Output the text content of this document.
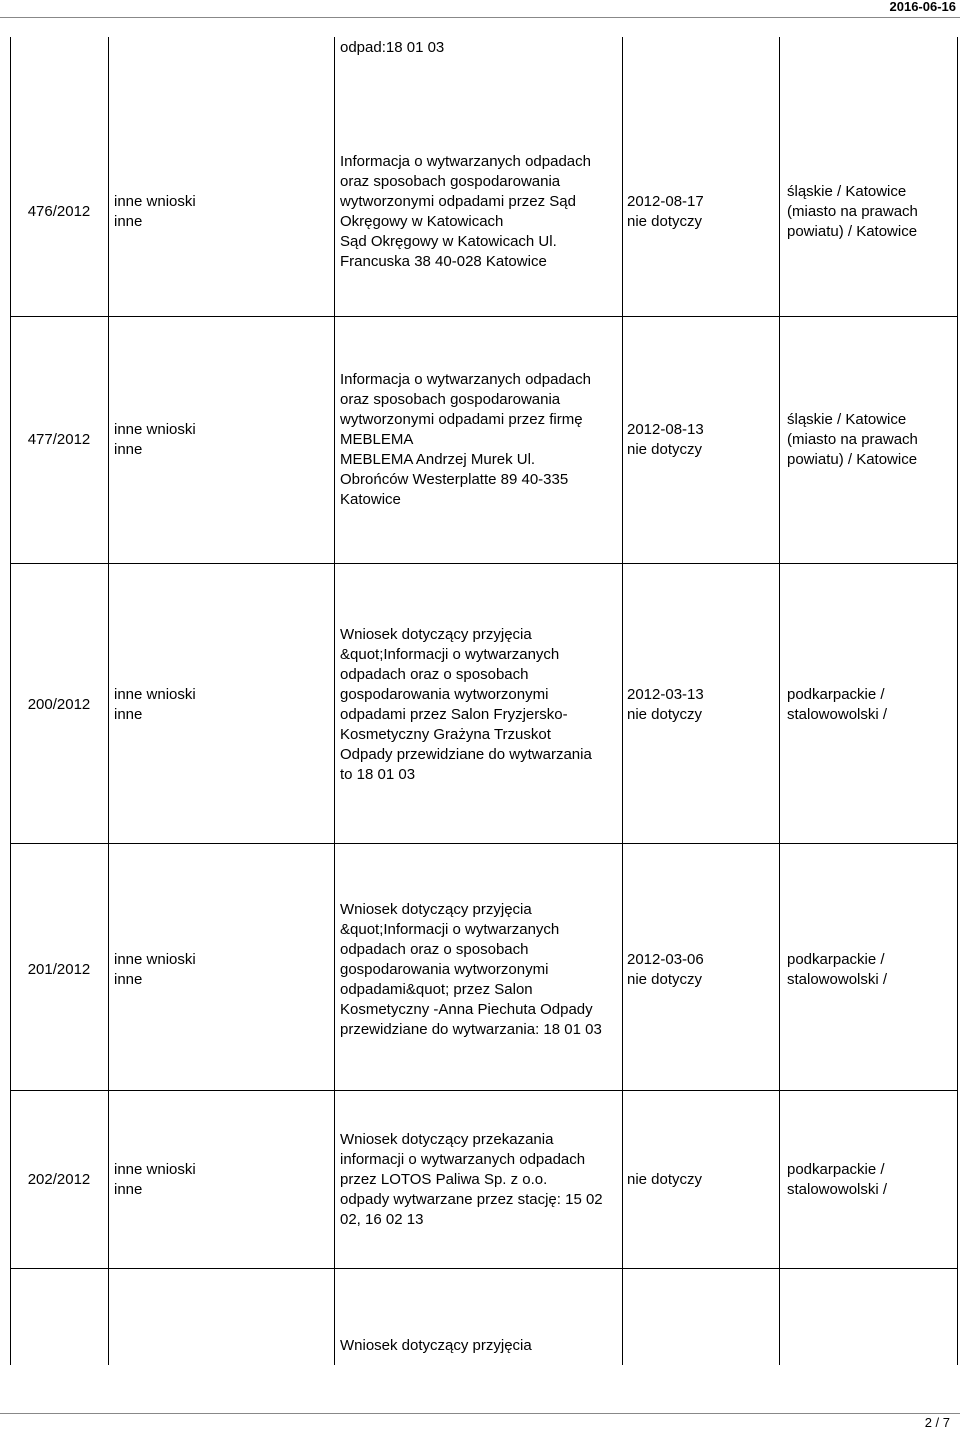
2016-06-16
odpad:18 01 03
476/2012
inne wnioski
inne
Informacja o wytwarzanych odpadach
oraz sposobach gospodarowania
wytworzonymi odpadami przez Sąd
Okręgowy w Katowicach
Sąd Okręgowy w Katowicach Ul.
Francuska 38 40-028 Katowice
2012-08-17
nie dotyczy
śląskie / Katowice
(miasto na prawach
powiatu) / Katowice
477/2012
inne wnioski
inne
Informacja o wytwarzanych odpadach
oraz sposobach gospodarowania
wytworzonymi odpadami przez firmę
MEBLEMA
MEBLEMA Andrzej Murek Ul.
Obrońców Westerplatte 89 40-335
Katowice
2012-08-13
nie dotyczy
śląskie / Katowice
(miasto na prawach
powiatu) / Katowice
200/2012
inne wnioski
inne
Wniosek dotyczący przyjęcia
&quot;Informacji o wytwarzanych
odpadach oraz o sposobach
gospodarowania wytworzonymi
odpadami przez Salon Fryzjersko-
Kosmetyczny Grażyna Trzuskot
Odpady przewidziane do wytwarzania
to 18 01 03
2012-03-13
nie dotyczy
podkarpackie /
stalowowolski /
201/2012
inne wnioski
inne
Wniosek dotyczący przyjęcia
&quot;Informacji o wytwarzanych
odpadach oraz o sposobach
gospodarowania wytworzonymi
odpadami&quot; przez Salon
Kosmetyczny -Anna Piechuta Odpady
przewidziane do wytwarzania: 18 01 03
2012-03-06
nie dotyczy
podkarpackie /
stalowowolski /
202/2012
inne wnioski
inne
Wniosek dotyczący przekazania
informacji o wytwarzanych odpadach
przez LOTOS Paliwa Sp. z o.o.
odpady wytwarzane przez stację: 15 02
02, 16 02 13
nie dotyczy
podkarpackie /
stalowowolski /
Wniosek dotyczący przyjęcia
2 / 7
